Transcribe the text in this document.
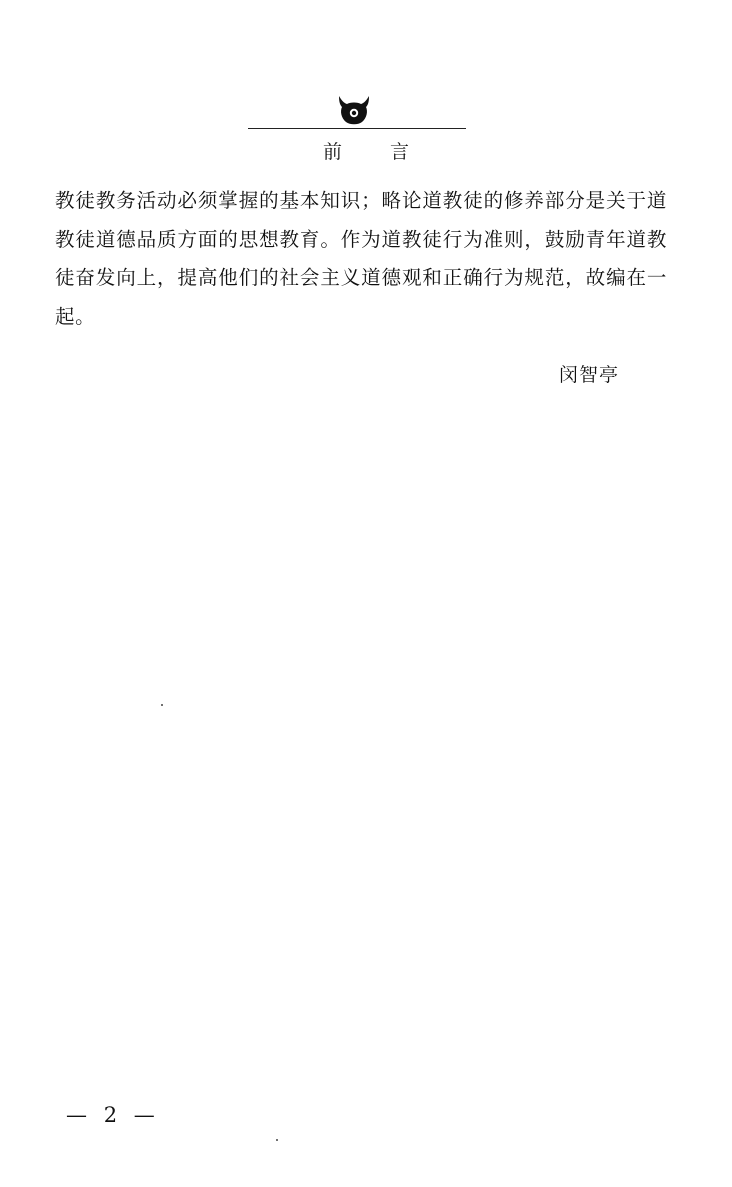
前	言

教徒教务活动必须掌握的基本知识；略论道教徒的修养部分是关于道教徒道德品质方面的思想教育。作为道教徒行为准则，鼓励青年道教徒奋发向上，提高他们的社会主义道德观和正确行为规范，故编在一起。

闵智亭
— 2 —
